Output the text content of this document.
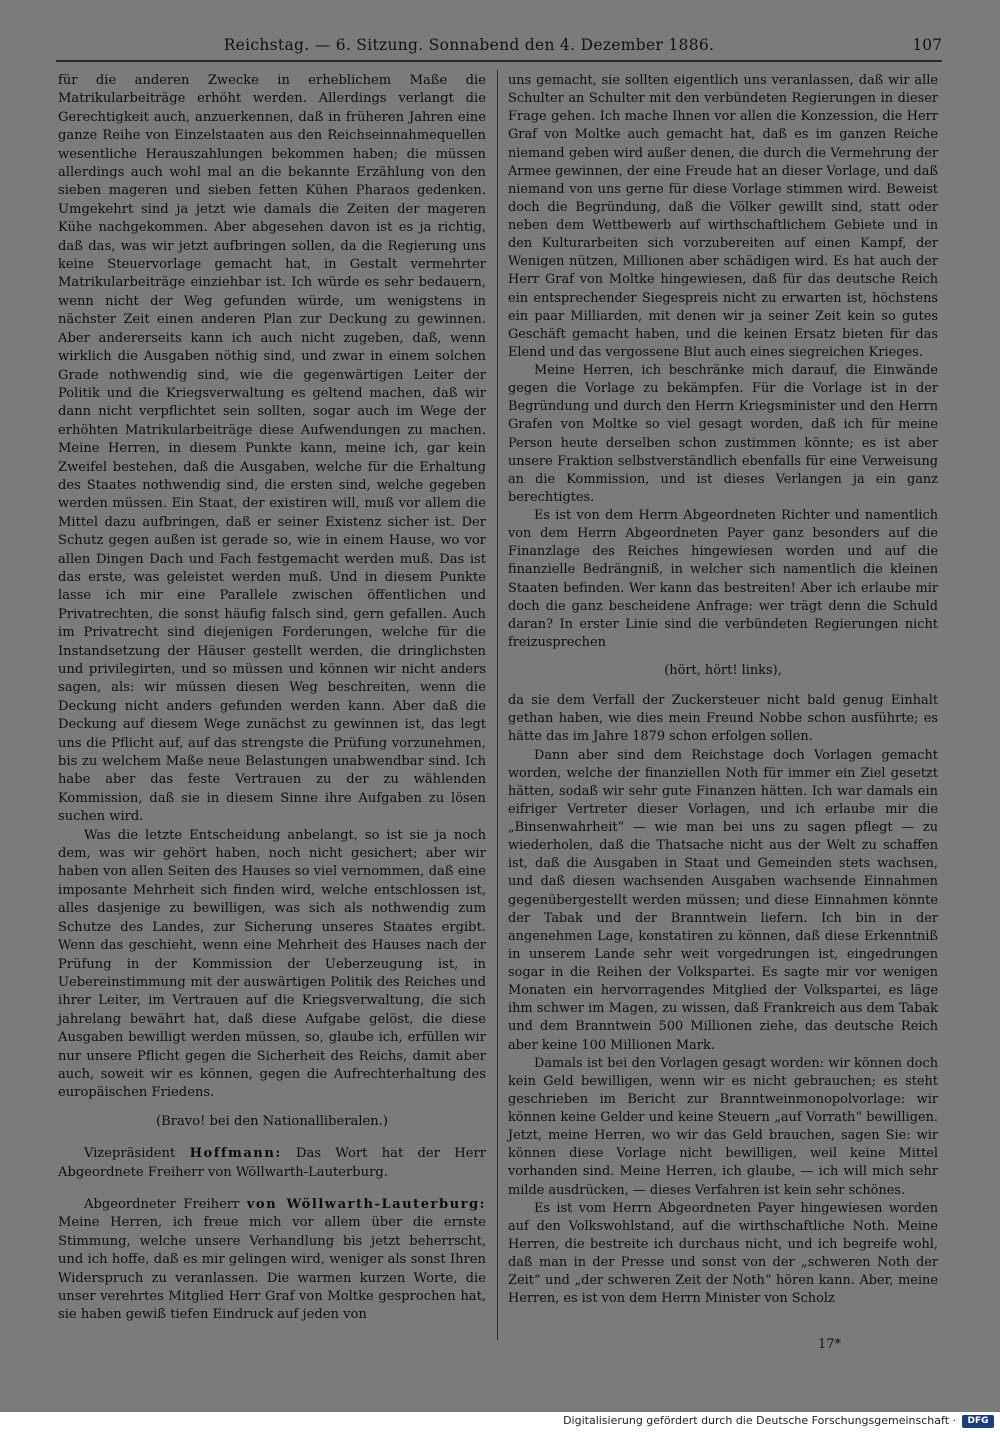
Reichstag. — 6. Sitzung. Sonnabend den 4. Dezember 1886.	107

für die anderen Zwecke in erheblichem Maße die Matrikularbeiträge erhöht werden. Allerdings verlangt die Gerechtigkeit auch, anzuerkennen, daß in früheren Jahren eine ganze Reihe von Einzelstaaten aus den Reichseinnahmequellen wesentliche Herauszahlungen bekommen haben; die müssen allerdings auch wohl mal an die bekannte Erzählung von den sieben mageren und sieben fetten Kühen Pharaos gedenken. Umgekehrt sind ja jetzt wie damals die Zeiten der mageren Kühe nachgekommen. Aber abgesehen davon ist es ja richtig, daß das, was wir jetzt aufbringen sollen, da die Regierung uns keine Steuervorlage gemacht hat, in Gestalt vermehrter Matrikularbeiträge einziehbar ist. Ich würde es sehr bedauern, wenn nicht der Weg gefunden würde, um wenigstens in nächster Zeit einen anderen Plan zur Deckung zu gewinnen. Aber andererseits kann ich auch nicht zugeben, daß, wenn wirklich die Ausgaben nöthig sind, und zwar in einem solchen Grade nothwendig sind, wie die gegenwärtigen Leiter der Politik und die Kriegsverwaltung es geltend machen, daß wir dann nicht verpflichtet sein sollten, sogar auch im Wege der erhöhten Matrikularbeiträge diese Aufwendungen zu machen. Meine Herren, in diesem Punkte kann, meine ich, gar kein Zweifel bestehen, daß die Ausgaben, welche für die Erhaltung des Staates nothwendig sind, die ersten sind, welche gegeben werden müssen. Ein Staat, der existiren will, muß vor allem die Mittel dazu aufbringen, daß er seiner Existenz sicher ist. Der Schutz gegen außen ist gerade so, wie in einem Hause, wo vor allen Dingen Dach und Fach festgemacht werden muß. Das ist das erste, was geleistet werden muß. Und in diesem Punkte lasse ich mir eine Parallele zwischen öffentlichen und Privatrechten, die sonst häufig falsch sind, gern gefallen. Auch im Privatrecht sind diejenigen Forderungen, welche für die Instandsetzung der Häuser gestellt werden, die dringlichsten und privilegirten, und so müssen und können wir nicht anders sagen, als: wir müssen diesen Weg beschreiten, wenn die Deckung nicht anders gefunden werden kann. Aber daß die Deckung auf diesem Wege zunächst zu gewinnen ist, das legt uns die Pflicht auf, auf das strengste die Prüfung vorzunehmen, bis zu welchem Maße neue Belastungen unabwendbar sind. Ich habe aber das feste Vertrauen zu der zu wählenden Kommission, daß sie in diesem Sinne ihre Aufgaben zu lösen suchen wird.

Was die letzte Entscheidung anbelangt, so ist sie ja noch dem, was wir gehört haben, noch nicht gesichert; aber wir haben von allen Seiten des Hauses so viel vernommen, daß eine imposante Mehrheit sich finden wird, welche entschlossen ist, alles dasjenige zu bewilligen, was sich als nothwendig zum Schutze des Landes, zur Sicherung unseres Staates ergibt. Wenn das geschieht, wenn eine Mehrheit des Hauses nach der Prüfung in der Kommission der Ueberzeugung ist, in Uebereinstimmung mit der auswärtigen Politik des Reiches und ihrer Leiter, im Vertrauen auf die Kriegsverwaltung, die sich jahrelang bewährt hat, daß diese Aufgabe gelöst, die diese Ausgaben bewilligt werden müssen, so, glaube ich, erfüllen wir nur unsere Pflicht gegen die Sicherheit des Reichs, damit aber auch, soweit wir es können, gegen die Aufrechterhaltung des europäischen Friedens.

(Bravo! bei den Nationalliberalen.)

Vizepräsident Hoffmann: Das Wort hat der Herr Abgeordnete Freiherr von Wöllwarth-Lauterburg.

Abgeordneter Freiherr von Wöllwarth-Lauterburg: Meine Herren, ich freue mich vor allem über die ernste Stimmung, welche unsere Verhandlung bis jetzt beherrscht, und ich hoffe, daß es mir gelingen wird, weniger als sonst Ihren Widerspruch zu veranlassen. Die warmen kurzen Worte, die unser verehrtes Mitglied Herr Graf von Moltke gesprochen hat, sie haben gewiß tiefen Eindruck auf jeden von

uns gemacht, sie sollten eigentlich uns veranlassen, daß wir alle Schulter an Schulter mit den verbündeten Regierungen in dieser Frage gehen. Ich mache Ihnen vor allen die Konzession, die Herr Graf von Moltke auch gemacht hat, daß es im ganzen Reiche niemand geben wird außer denen, die durch die Vermehrung der Armee gewinnen, der eine Freude hat an dieser Vorlage, und daß niemand von uns gerne für diese Vorlage stimmen wird. Beweist doch die Begründung, daß die Völker gewillt sind, statt oder neben dem Wettbewerb auf wirthschaftlichem Gebiete und in den Kulturarbeiten sich vorzubereiten auf einen Kampf, der Wenigen nützen, Millionen aber schädigen wird. Es hat auch der Herr Graf von Moltke hingewiesen, daß für das deutsche Reich ein entsprechender Siegespreis nicht zu erwarten ist, höchstens ein paar Milliarden, mit denen wir ja seiner Zeit kein so gutes Geschäft gemacht haben, und die keinen Ersatz bieten für das Elend und das vergossene Blut auch eines siegreichen Krieges.

Meine Herren, ich beschränke mich darauf, die Einwände gegen die Vorlage zu bekämpfen. Für die Vorlage ist in der Begründung und durch den Herrn Kriegsminister und den Herrn Grafen von Moltke so viel gesagt worden, daß ich für meine Person heute derselben schon zustimmen könnte; es ist aber unsere Fraktion selbstverständlich ebenfalls für eine Verweisung an die Kommission, und ist dieses Verlangen ja ein ganz berechtigtes.

Es ist von dem Herrn Abgeordneten Richter und namentlich von dem Herrn Abgeordneten Payer ganz besonders auf die Finanzlage des Reiches hingewiesen worden und auf die finanzielle Bedrängniß, in welcher sich namentlich die kleinen Staaten befinden. Wer kann das bestreiten! Aber ich erlaube mir doch die ganz bescheidene Anfrage: wer trägt denn die Schuld daran? In erster Linie sind die verbündeten Regierungen nicht freizusprechen

(hört, hört! links),

da sie dem Verfall der Zuckersteuer nicht bald genug Einhalt gethan haben, wie dies mein Freund Nobbe schon ausführte; es hätte das im Jahre 1879 schon erfolgen sollen.

Dann aber sind dem Reichstage doch Vorlagen gemacht worden, welche der finanziellen Noth für immer ein Ziel gesetzt hätten, sodaß wir sehr gute Finanzen hätten. Ich war damals ein eifriger Vertreter dieser Vorlagen, und ich erlaube mir die „Binsenwahrheit“ — wie man bei uns zu sagen pflegt — zu wiederholen, daß die Thatsache nicht aus der Welt zu schaffen ist, daß die Ausgaben in Staat und Gemeinden stets wachsen, und daß diesen wachsenden Ausgaben wachsende Einnahmen gegenübergestellt werden müssen; und diese Einnahmen könnte der Tabak und der Branntwein liefern. Ich bin in der angenehmen Lage, konstatiren zu können, daß diese Erkenntniß in unserem Lande sehr weit vorgedrungen ist, eingedrungen sogar in die Reihen der Volkspartei. Es sagte mir vor wenigen Monaten ein hervorragendes Mitglied der Volkspartei, es läge ihm schwer im Magen, zu wissen, daß Frankreich aus dem Tabak und dem Branntwein 500 Millionen ziehe, das deutsche Reich aber keine 100 Millionen Mark.

Damals ist bei den Vorlagen gesagt worden: wir können doch kein Geld bewilligen, wenn wir es nicht gebrauchen; es steht geschrieben im Bericht zur Branntweinmonopolvorlage: wir können keine Gelder und keine Steuern „auf Vorrath“ bewilligen. Jetzt, meine Herren, wo wir das Geld brauchen, sagen Sie: wir können diese Vorlage nicht bewilligen, weil keine Mittel vorhanden sind. Meine Herren, ich glaube, — ich will mich sehr milde ausdrücken, — dieses Verfahren ist kein sehr schönes.

Es ist vom Herrn Abgeordneten Payer hingewiesen worden auf den Volkswohlstand, auf die wirthschaftliche Noth. Meine Herren, die bestreite ich durchaus nicht, und ich begreife wohl, daß man in der Presse und sonst von der „schweren Noth der Zeit“ und „der schweren Zeit der Noth“ hören kann. Aber, meine Herren, es ist von dem Herrn Minister von Scholz

17*
Digitalisierung gefördert durch die Deutsche Forschungsgemeinschaft ·	DFG
